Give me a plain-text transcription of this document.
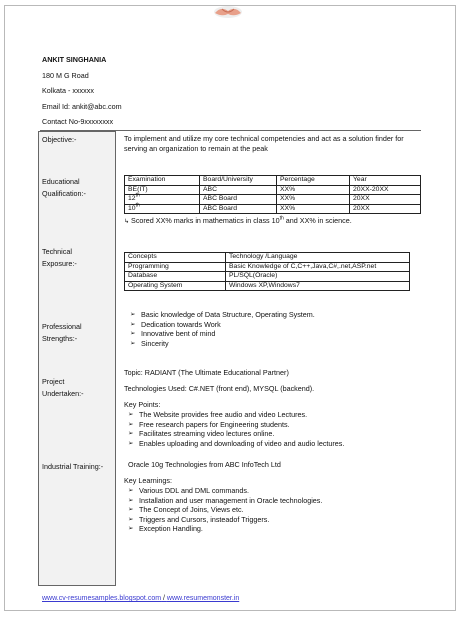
ANKIT SINGHANIA
180 M G Road
Kolkata - xxxxxx
Email Id: ankit@abc.com
Contact No-9xxxxxxxx
Objective:-	To implement and utilize my core technical competencies and act as a solution finder for serving an organization to remain at the peak
Educational Qualification:-
Examination	Board/University	Percentage	Year
BE(IT)	ABC	XX%	20XX-20XX
12th	ABC Board	XX%	20XX
10th	ABC Board	XX%	20XX
↳ Scored XX% marks in mathematics in class 10th and XX% in science.
Technical Exposure:-
Concepts	Technology /Language
Programming	Basic Knowledge of C,C++,Java,C#,.net,ASP.net
Database	PL/SQL(Oracle)
Operating System	Windows XP,Windows7
Professional Strengths:-
➢ Basic knowledge of Data Structure, Operating System.
➢ Dedication towards Work
➢ Innovative bent of mind
➢ Sincerity
Project Undertaken:-
Topic: RADIANT (The Ultimate Educational Partner)
Technologies Used: C#.NET (front end), MYSQL (backend).
Key Points:
➢ The Website provides free audio and video Lectures.
➢ Free research papers for Engineering students.
➢ Facilitates streaming video lectures online.
➢ Enables uploading and downloading of video and audio lectures.
Industrial Training:-	Oracle 10g Technologies from ABC InfoTech Ltd
Key Learnings:
➢ Various DDL and DML commands.
➢ Installation and user management in Oracle technologies.
➢ The Concept of Joins, Views etc.
➢ Triggers and Cursors, insteadof Triggers.
➢ Exception Handling.
www.cv-resumesamples.blogspot.com / www.resumemonster.in
